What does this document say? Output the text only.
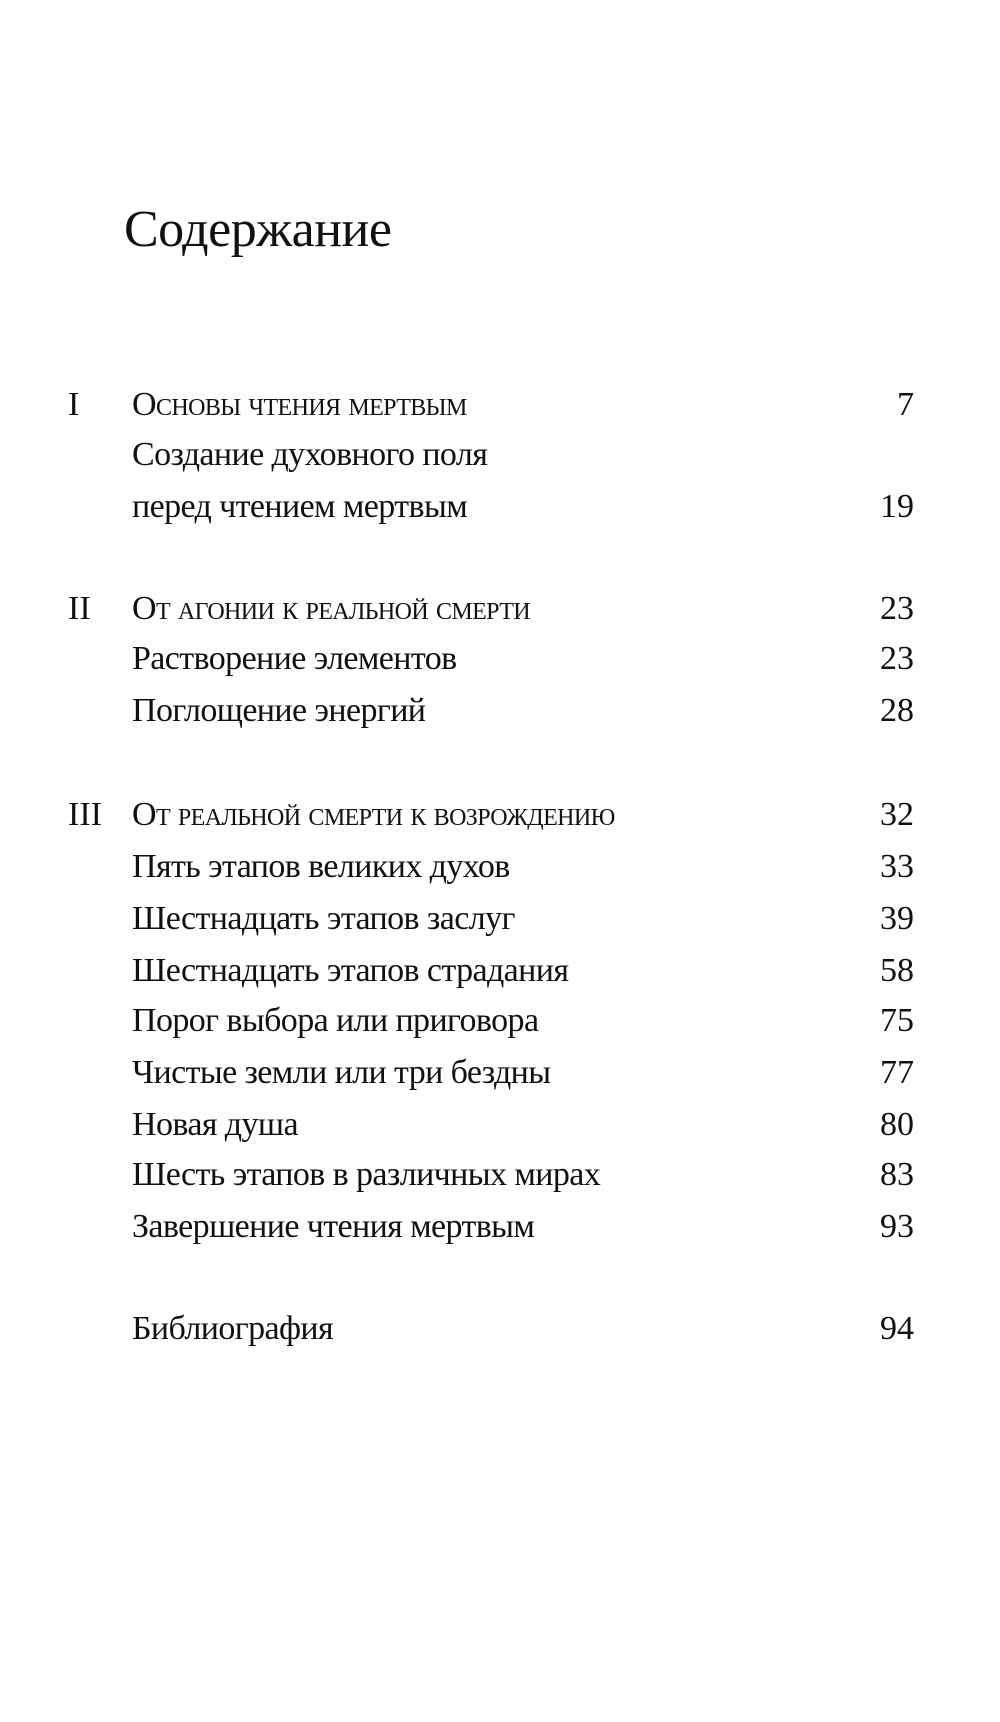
Содержание
I Основы чтения мертвым	7
Создание духовного поля
перед чтением мертвым	19
II От агонии к реальной смерти	23
Растворение элементов	23
Поглощение энергий	28
III От реальной смерти к возрождению	32
Пять этапов великих духов	33
Шестнадцать этапов заслуг	39
Шестнадцать этапов страдания	58
Порог выбора или приговора	75
Чистые земли или три бездны	77
Новая душа	80
Шесть этапов в различных мирах	83
Завершение чтения мертвым	93
Библиография	94
